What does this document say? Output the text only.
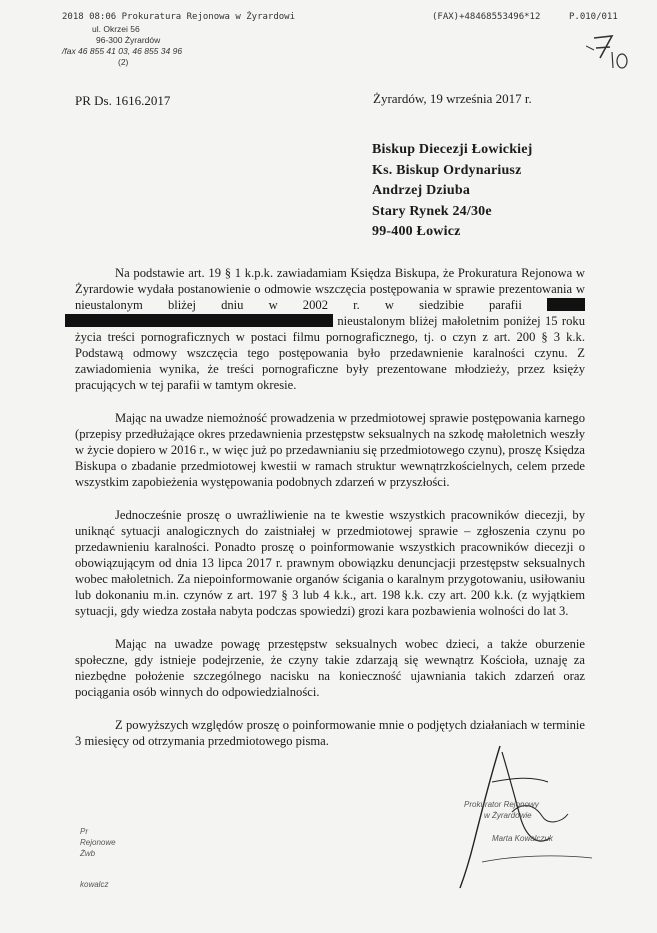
2018 08:06 Prokuratura Rejonowa w Żyrardowi	(FAX)+48468553496*12	P.010/011
ul. Okrzei 56
96-300 Żyrardów
/fax 46 855 41 03, 46 855 34 96
(2)
PR Ds. 1616.2017	Żyrardów, 19 września 2017 r.
Biskup Diecezji Łowickiej
Ks. Biskup Ordynariusz
Andrzej Dziuba
Stary Rynek 24/30e
99-400 Łowicz

Na podstawie art. 19 § 1 k.p.k. zawiadamiam Księdza Biskupa, że Prokuratura Rejonowa w Żyrardowie wydała postanowienie o odmowie wszczęcia postępowania w sprawie prezentowania w nieustalonym bliżej dniu w 2002 r. w siedzibie parafii   nieustalonym bliżej małoletnim poniżej 15 roku życia treści pornograficznych w postaci filmu pornograficznego, tj. o czyn z art. 200 § 3 k.k. Podstawą odmowy wszczęcia tego postępowania było przedawnienie karalności czynu. Z zawiadomienia wynika, że treści pornograficzne były prezentowane młodzieży, przez księży pracujących w tej parafii w tamtym okresie.

Mając na uwadze niemożność prowadzenia w przedmiotowej sprawie postępowania karnego (przepisy przedłużające okres przedawnienia przestępstw seksualnych na szkodę małoletnich weszły w życie dopiero w 2016 r., w więc już po przedawnianiu się przedmiotowego czynu), proszę Księdza Biskupa o zbadanie przedmiotowej kwestii w ramach struktur wewnątrzkościelnych, celem przede wszystkim zapobieżenia występowania podobnych zdarzeń w przyszłości.

Jednocześnie proszę o uwrażliwienie na te kwestie wszystkich pracowników diecezji, by uniknąć sytuacji analogicznych do zaistniałej w przedmiotowej sprawie – zgłoszenia czynu po przedawnieniu karalności. Ponadto proszę o poinformowanie wszystkich pracowników diecezji o obowiązującym od dnia 13 lipca 2017 r. prawnym obowiązku denuncjacji przestępstw seksualnych wobec małoletnich. Za niepoinformowanie organów ścigania o karalnym przygotowaniu, usiłowaniu lub dokonaniu m.in. czynów z art. 197 § 3 lub 4 k.k., art. 198 k.k. czy art. 200 k.k. (z wyjątkiem sytuacji, gdy wiedza została nabyta podczas spowiedzi) grozi kara pozbawienia wolności do lat 3.

Mając na uwadze powagę przestępstw seksualnych wobec dzieci, a także oburzenie społeczne, gdy istnieje podejrzenie, że czyny takie zdarzają się wewnątrz Kościoła, uznaję za niezbędne położenie szczególnego nacisku na konieczność ujawniania takich zdarzeń oraz pociągania osób winnych do odpowiedzialności.

Z powyższych względów proszę o poinformowanie mnie o podjętych działaniach w terminie 3 miesięcy od otrzymania przedmiotowego pisma.

Prokurator Rejonowy
w Żyrardowie
Marta Kowalczuk
Pr
Rejonowe
Żwb
kowalcz
